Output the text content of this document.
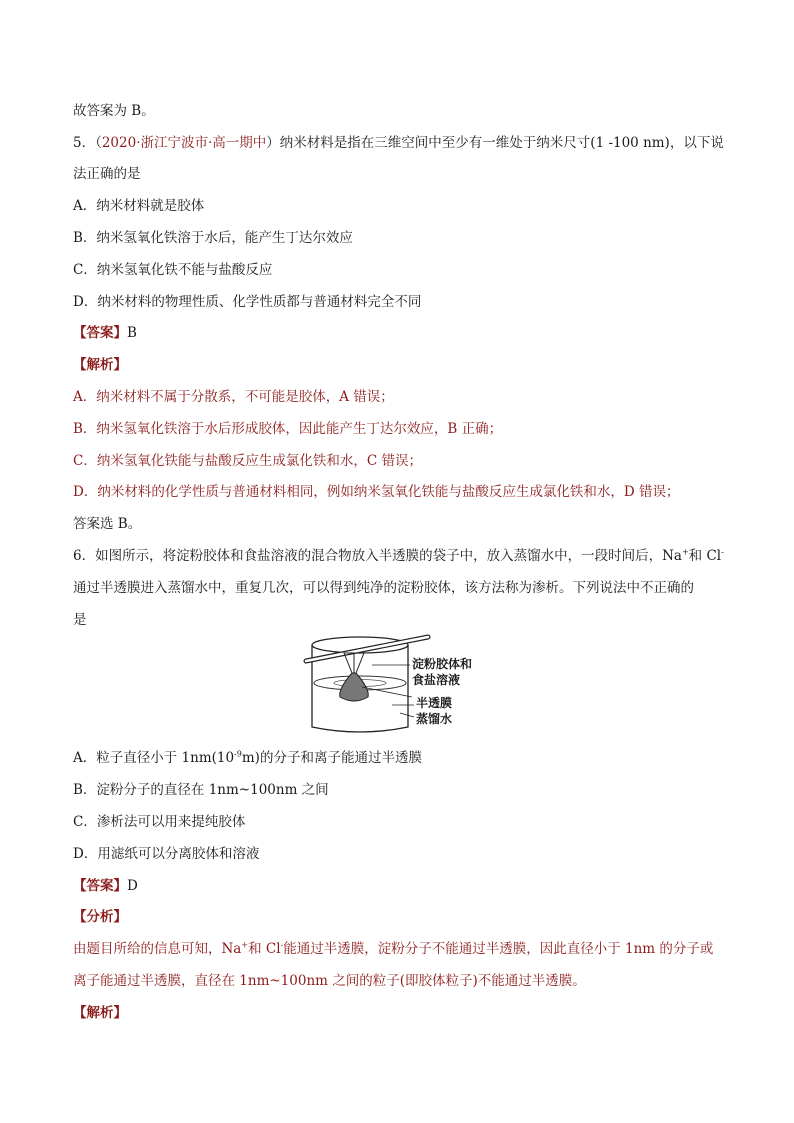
故答案为 B。
5．（2020·浙江宁波市·高一期中）纳米材料是指在三维空间中至少有一维处于纳米尺寸(1 -100 nm)，以下说
法正确的是
A．纳米材料就是胶体
B．纳米氢氧化铁溶于水后，能产生丁达尔效应
C．纳米氢氧化铁不能与盐酸反应
D．纳米材料的物理性质、化学性质都与普通材料完全不同
【答案】B
【解析】
A．纳米材料不属于分散系，不可能是胶体，A 错误；
B．纳米氢氧化铁溶于水后形成胶体，因此能产生丁达尔效应，B 正确；
C．纳米氢氧化铁能与盐酸反应生成氯化铁和水，C 错误；
D．纳米材料的化学性质与普通材料相同，例如纳米氢氧化铁能与盐酸反应生成氯化铁和水，D 错误；
答案选 B。
6．如图所示，将淀粉胶体和食盐溶液的混合物放入半透膜的袋子中，放入蒸馏水中，一段时间后，Na+和 Cl-
通过半透膜进入蒸馏水中，重复几次，可以得到纯净的淀粉胶体，该方法称为渗析。下列说法中不正确的
是
淀粉胶体和
食盐溶液
半透膜
蒸馏水
A．粒子直径小于 $1nm(10^{-9}m)$的分子和离子能通过半透膜
B．淀粉分子的直径在 1nm~100nm 之间
C．渗析法可以用来提纯胶体
D．用滤纸可以分离胶体和溶液
【答案】D
【分析】
由题目所给的信息可知，Na+和 Cl-能通过半透膜，淀粉分子不能通过半透膜，因此直径小于 1nm 的分子或
离子能通过半透膜，直径在 1nm~100nm 之间的粒子(即胶体粒子)不能通过半透膜。
【解析】
